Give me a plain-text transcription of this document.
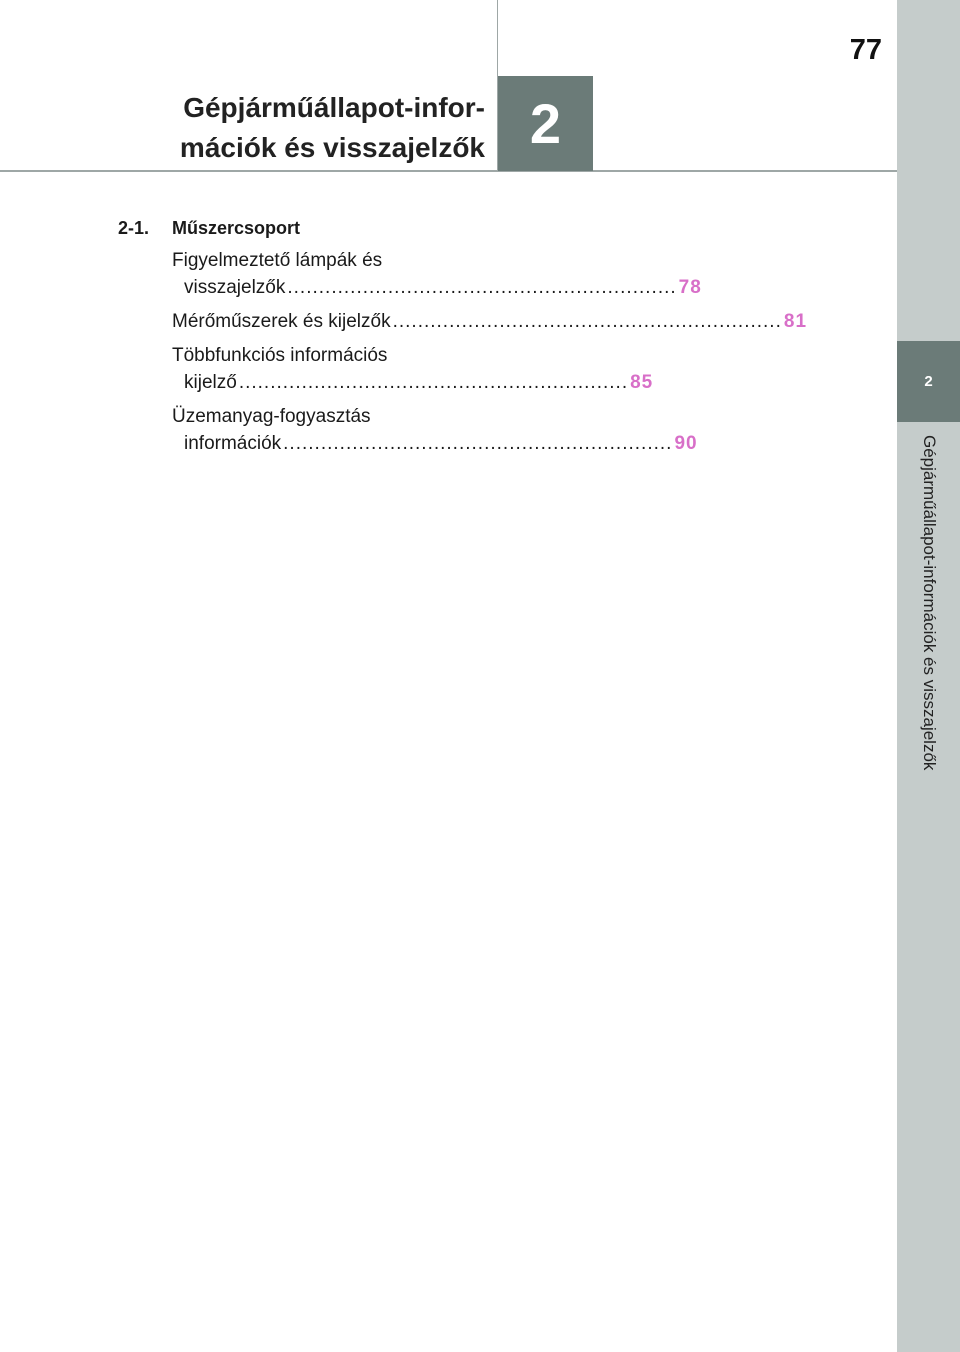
2
Gépjárműállapot-információk és visszajelzők
77
Gépjárműállapot-infor-
mációk és visszajelzők 2
2-1.	Műszercsoport
Figyelmeztető lámpák és
visszajelzők .............................................................. 78
Mérőműszerek és kijelzők .............................................................. 81
Többfunkciós információs
kijelző .............................................................. 85
Üzemanyag-fogyasztás
információk .............................................................. 90
